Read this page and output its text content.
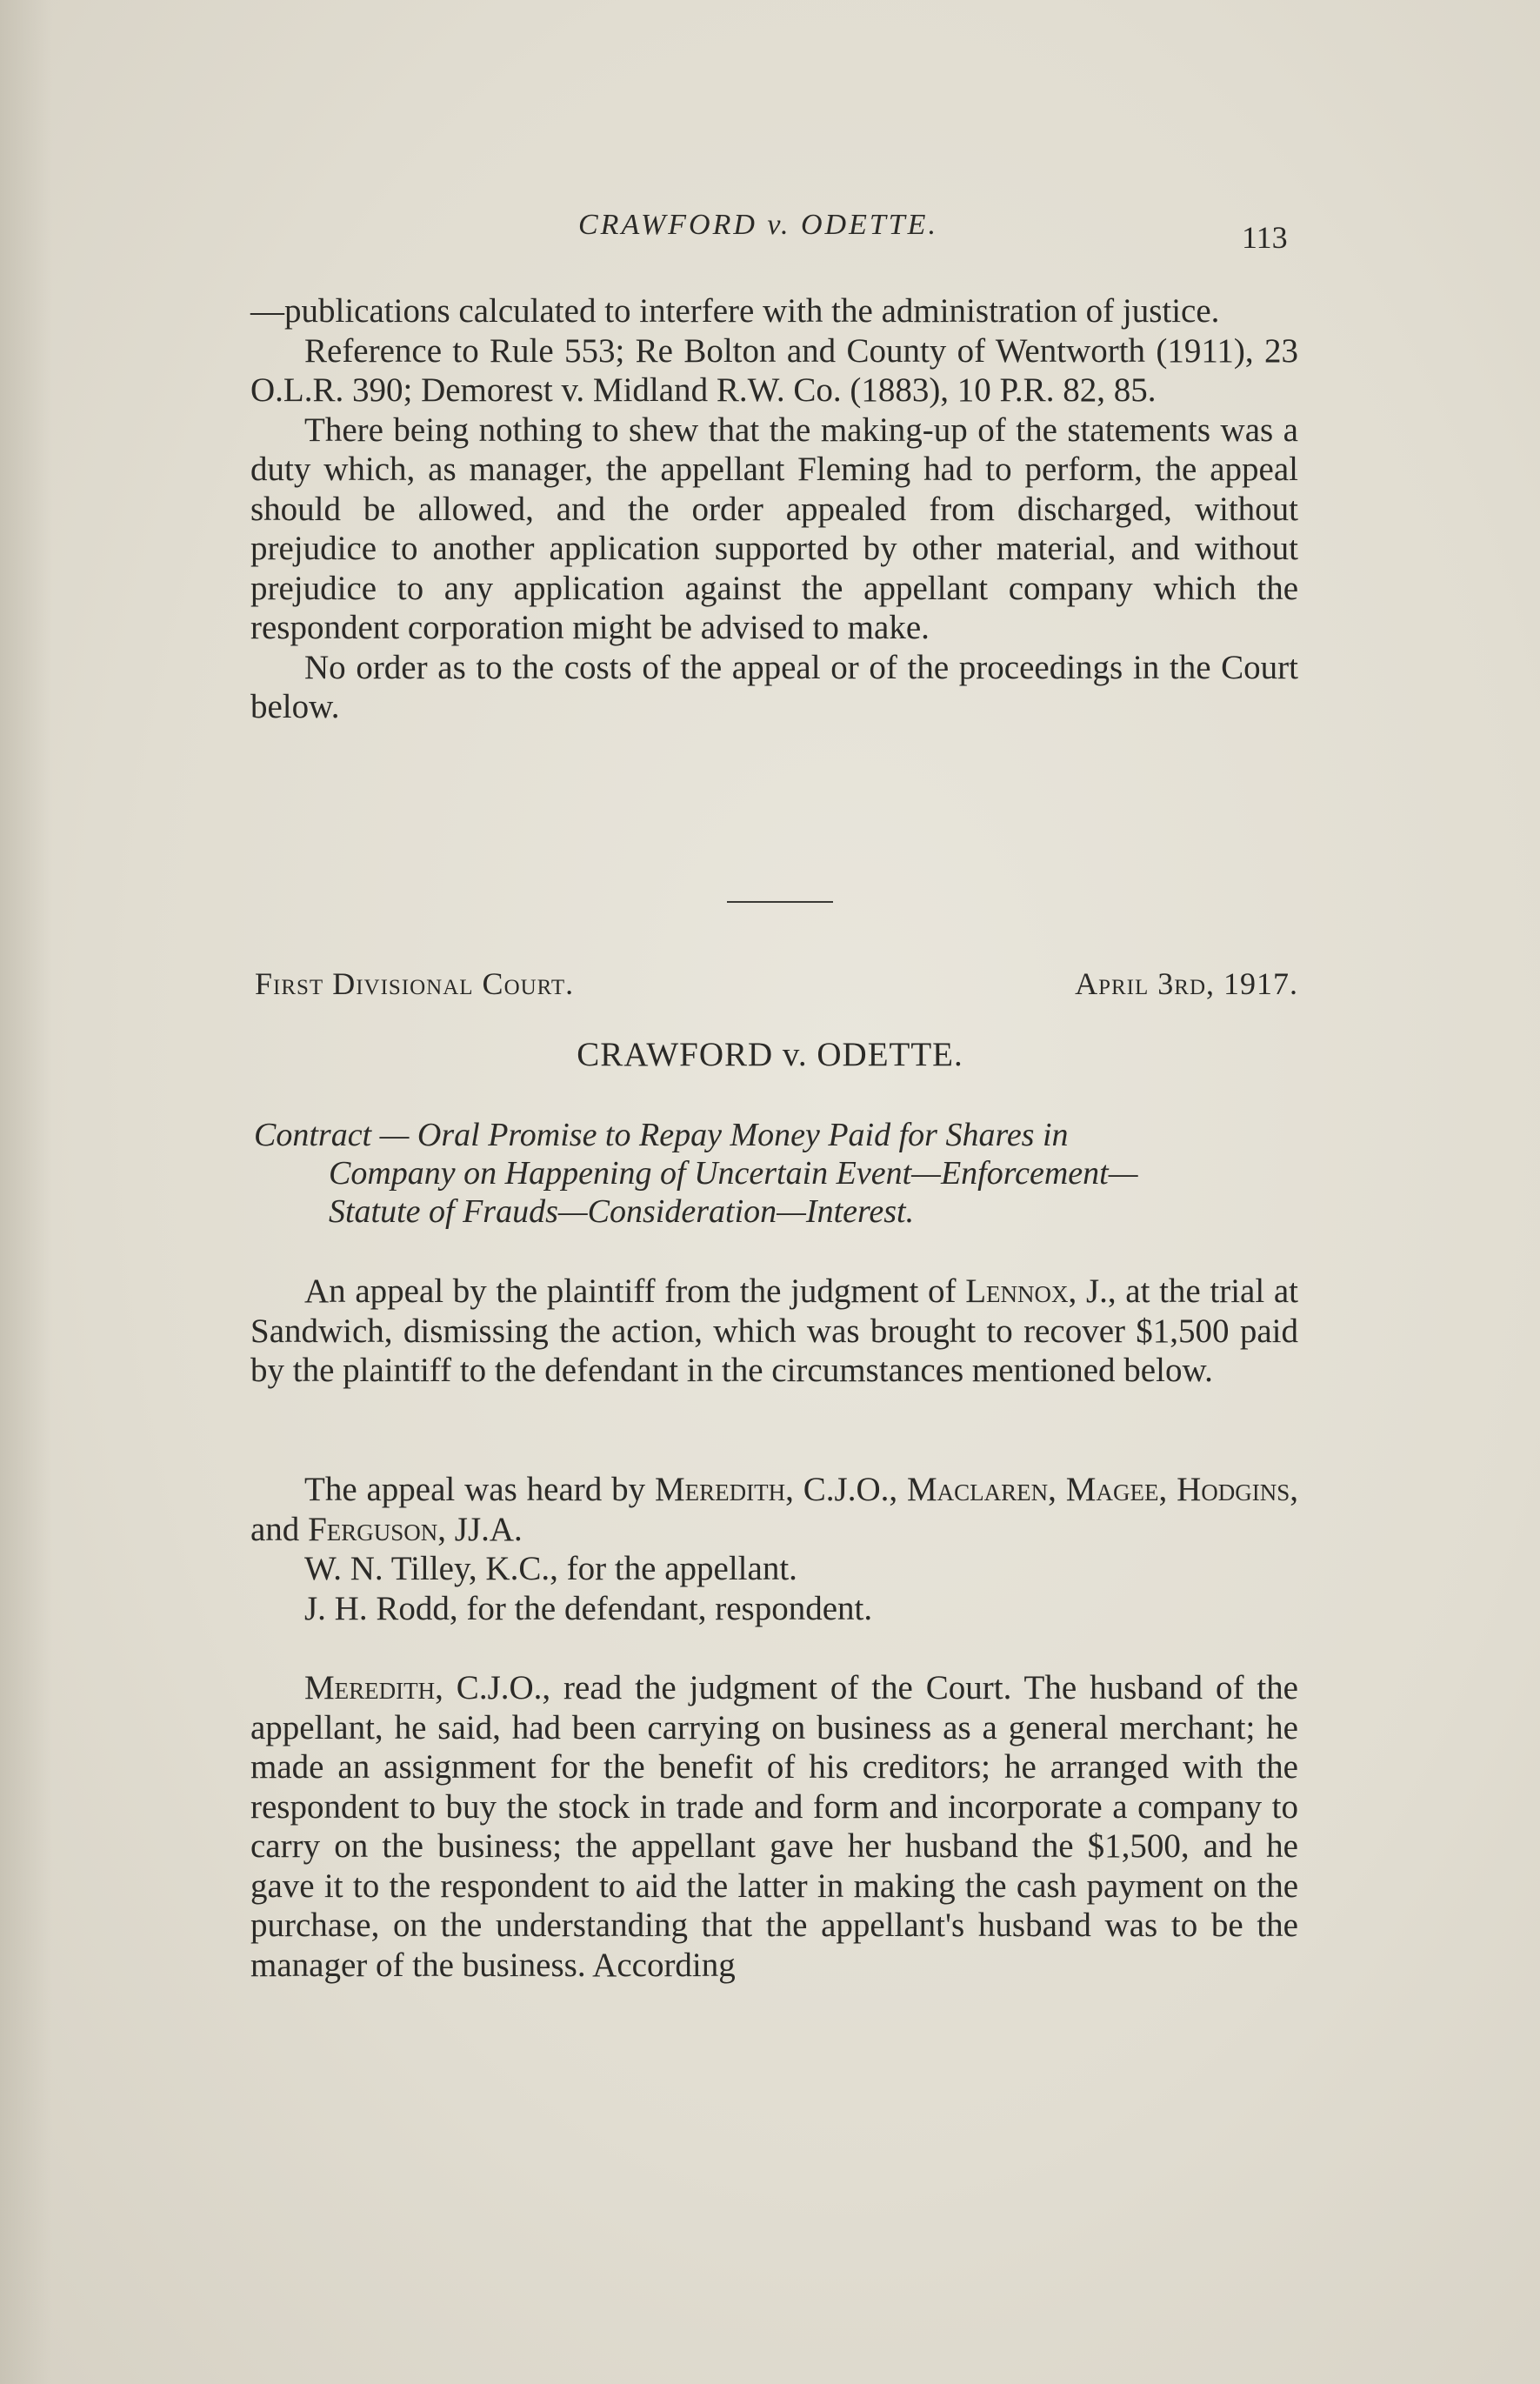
CRAWFORD v. ODETTE.	113

—publications calculated to interfere with the administration of justice.

Reference to Rule 553; Re Bolton and County of Wentworth (1911), 23 O.L.R. 390; Demorest v. Midland R.W. Co. (1883), 10 P.R. 82, 85.

There being nothing to shew that the making-up of the statements was a duty which, as manager, the appellant Fleming had to perform, the appeal should be allowed, and the order appealed from discharged, without prejudice to another application supported by other material, and without prejudice to any application against the appellant company which the respondent corporation might be advised to make.

No order as to the costs of the appeal or of the proceedings in the Court below.

First Divisional Court.	April 3rd, 1917.
CRAWFORD v. ODETTE.
Contract — Oral Promise to Repay Money Paid for Shares in
Company on Happening of Uncertain Event—Enforcement—
Statute of Frauds—Consideration—Interest.

An appeal by the plaintiff from the judgment of Lennox, J., at the trial at Sandwich, dismissing the action, which was brought to recover $1,500 paid by the plaintiff to the defendant in the circumstances mentioned below.

The appeal was heard by Meredith, C.J.O., Maclaren, Magee, Hodgins, and Ferguson, JJ.A.

W. N. Tilley, K.C., for the appellant.

J. H. Rodd, for the defendant, respondent.

Meredith, C.J.O., read the judgment of the Court. The husband of the appellant, he said, had been carrying on business as a general merchant; he made an assignment for the benefit of his creditors; he arranged with the respondent to buy the stock in trade and form and incorporate a company to carry on the business; the appellant gave her husband the $1,500, and he gave it to the respondent to aid the latter in making the cash payment on the purchase, on the understanding that the appellant's husband was to be the manager of the business. According
